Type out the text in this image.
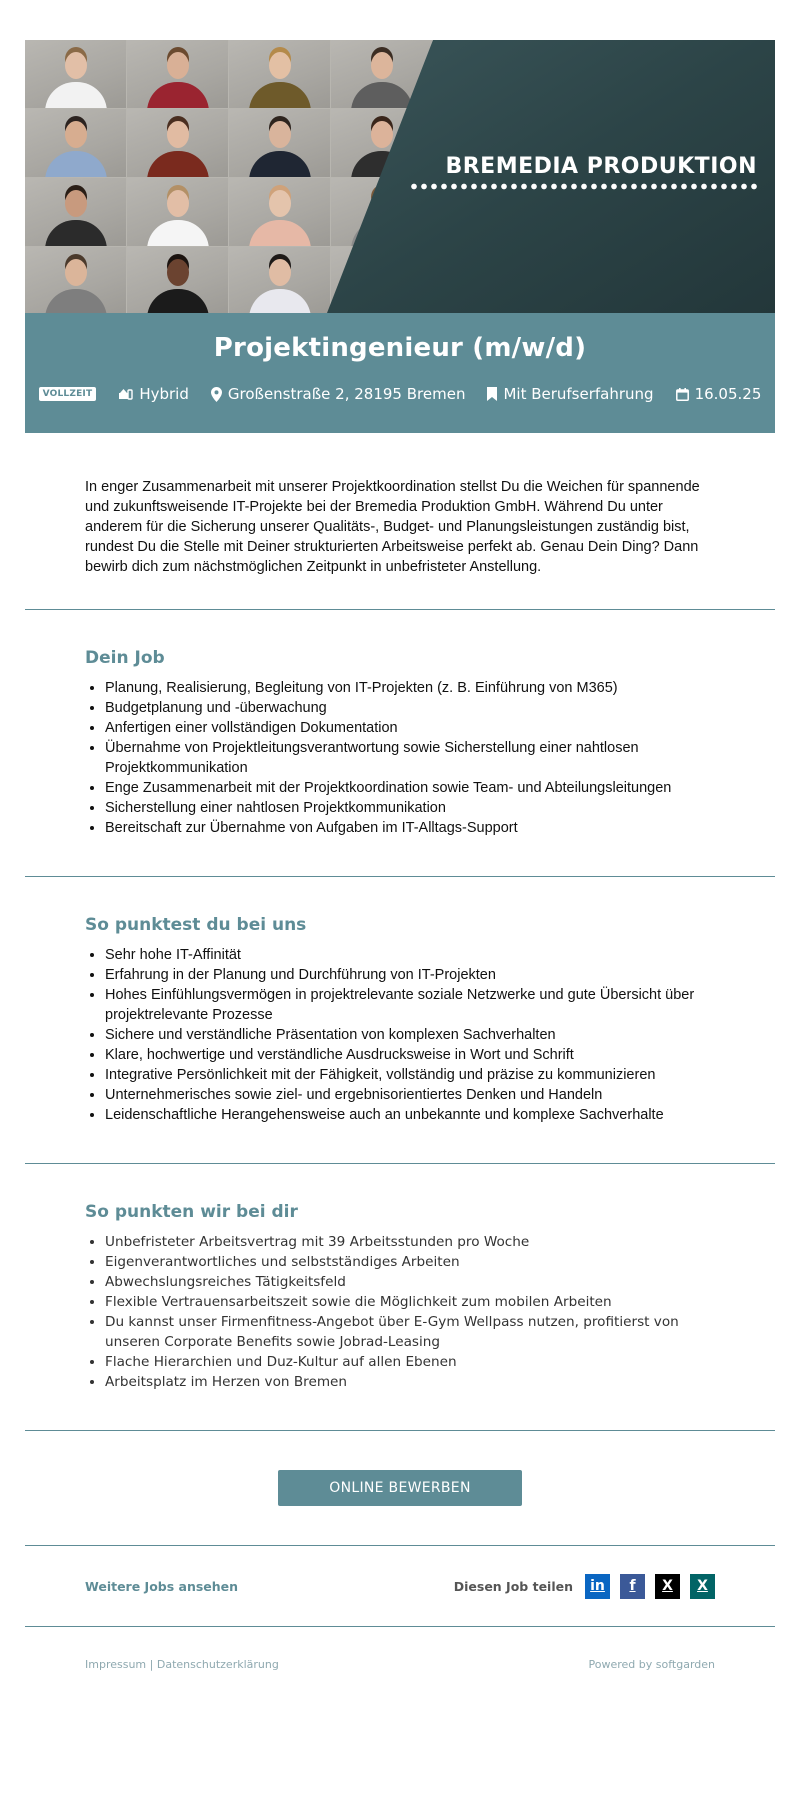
BREMEDIA PRODUKTION
Projektingenieur (m/w/d)
VOLLZEIT	Hybrid	Großenstraße 2, 28195 Bremen	Mit Berufserfahrung	16.05.25

In enger Zusammenarbeit mit unserer Projektkoordination stellst Du die Weichen für spannende und zukunftsweisende IT-Projekte bei der Bremedia Produktion GmbH. Während Du unter anderem für die Sicherung unserer Qualitäts-, Budget- und Planungsleistungen zuständig bist, rundest Du die Stelle mit Deiner strukturierten Arbeitsweise perfekt ab. Genau Dein Ding? Dann bewirb dich zum nächstmöglichen Zeitpunkt in unbefristeter Anstellung.

Dein Job
• Planung, Realisierung, Begleitung von IT-Projekten (z. B. Einführung von M365)
• Budgetplanung und -überwachung
• Anfertigen einer vollständigen Dokumentation
• Übernahme von Projektleitungsverantwortung sowie Sicherstellung einer nahtlosen Projektkommunikation
• Enge Zusammenarbeit mit der Projektkoordination sowie Team- und Abteilungsleitungen
• Sicherstellung einer nahtlosen Projektkommunikation
• Bereitschaft zur Übernahme von Aufgaben im IT-Alltags-Support
So punktest du bei uns
• Sehr hohe IT-Affinität
• Erfahrung in der Planung und Durchführung von IT-Projekten
• Hohes Einfühlungsvermögen in projektrelevante soziale Netzwerke und gute Übersicht über projektrelevante Prozesse
• Sichere und verständliche Präsentation von komplexen Sachverhalten
• Klare, hochwertige und verständliche Ausdrucksweise in Wort und Schrift
• Integrative Persönlichkeit mit der Fähigkeit, vollständig und präzise zu kommunizieren
• Unternehmerisches sowie ziel- und ergebnisorientiertes Denken und Handeln
• Leidenschaftliche Herangehensweise auch an unbekannte und komplexe Sachverhalte
So punkten wir bei dir
• Unbefristeter Arbeitsvertrag mit 39 Arbeitsstunden pro Woche
• Eigenverantwortliches und selbstständiges Arbeiten
• Abwechslungsreiches Tätigkeitsfeld
• Flexible Vertrauensarbeitszeit sowie die Möglichkeit zum mobilen Arbeiten
• Du kannst unser Firmenfitness-Angebot über E-Gym Wellpass nutzen, profitierst von unseren Corporate Benefits sowie Jobrad-Leasing
• Flache Hierarchien und Duz-Kultur auf allen Ebenen
• Arbeitsplatz im Herzen von Bremen
ONLINE BEWERBEN
Weitere Jobs ansehen	Diesen Job teilen in f X X
Impressum | Datenschutzerklärung	Powered by softgarden
